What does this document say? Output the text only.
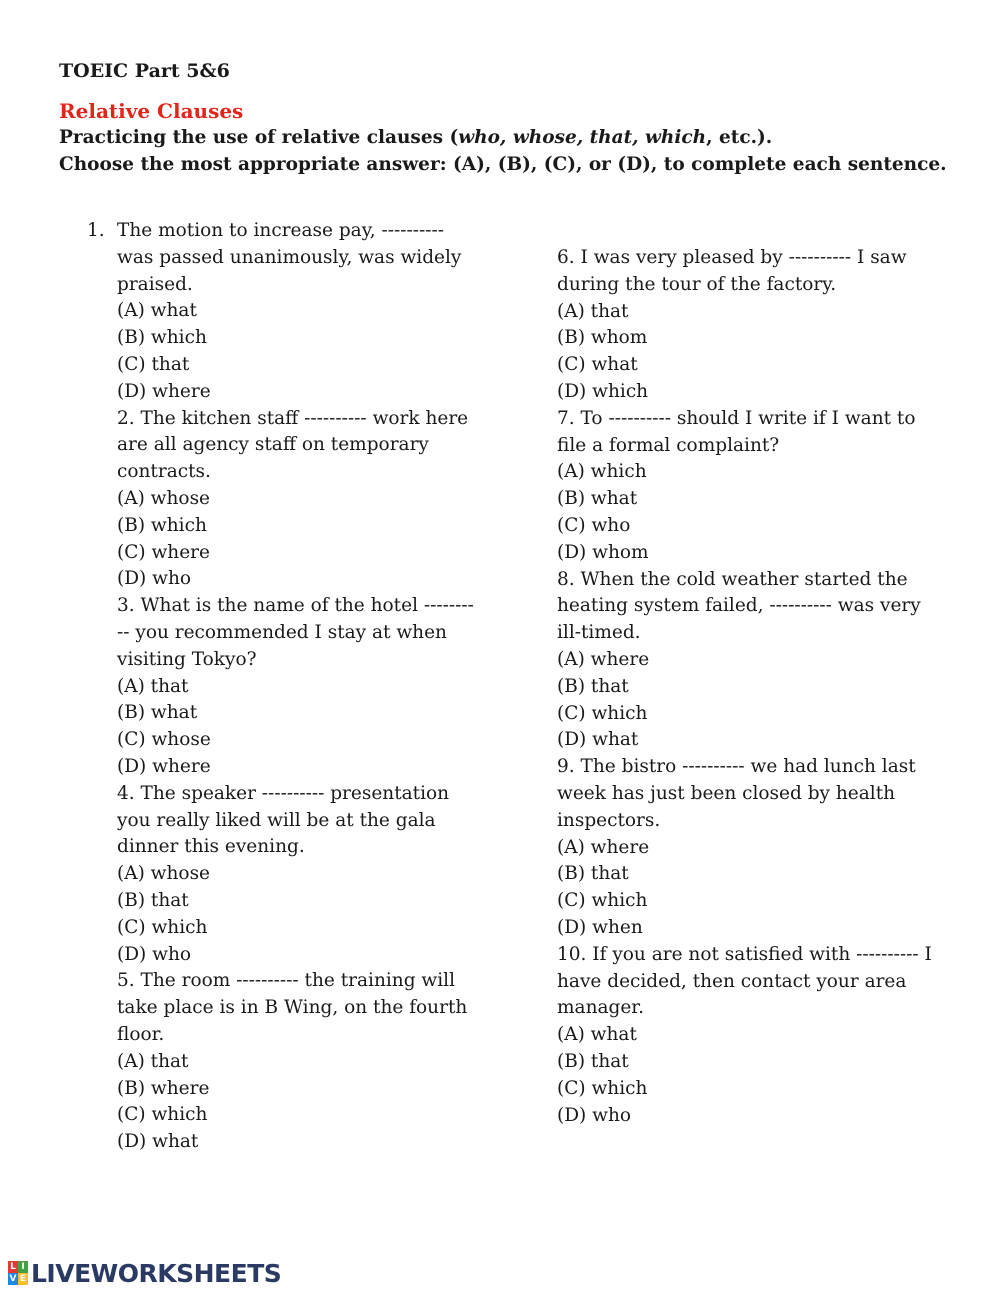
TOEIC Part 5&6
Relative Clauses
Practicing the use of relative clauses (who, whose, that, which, etc.).
Choose the most appropriate answer: (A), (B), (C), or (D), to complete each sentence.
1. The motion to increase pay, ----------
was passed unanimously, was widely
praised.
(A) what
(B) which
(C) that
(D) where
2. The kitchen staff ---------- work here
are all agency staff on temporary
contracts.
(A) whose
(B) which
(C) where
(D) who
3. What is the name of the hotel --------
-- you recommended I stay at when
visiting Tokyo?
(A) that
(B) what
(C) whose
(D) where
4. The speaker ---------- presentation
you really liked will be at the gala
dinner this evening.
(A) whose
(B) that
(C) which
(D) who
5. The room ---------- the training will
take place is in B Wing, on the fourth
floor.
(A) that
(B) where
(C) which
(D) what
6. I was very pleased by ---------- I saw
during the tour of the factory.
(A) that
(B) whom
(C) what
(D) which
7. To ---------- should I write if I want to
file a formal complaint?
(A) which
(B) what
(C) who
(D) whom
8. When the cold weather started the
heating system failed, ---------- was very
ill-timed.
(A) where
(B) that
(C) which
(D) what
9. The bistro ---------- we had lunch last
week has just been closed by health
inspectors.
(A) where
(B) that
(C) which
(D) when
10. If you are not satisfied with ---------- I
have decided, then contact your area
manager.
(A) what
(B) that
(C) which
(D) who
L I
V E LIVEWORKSHEETS
